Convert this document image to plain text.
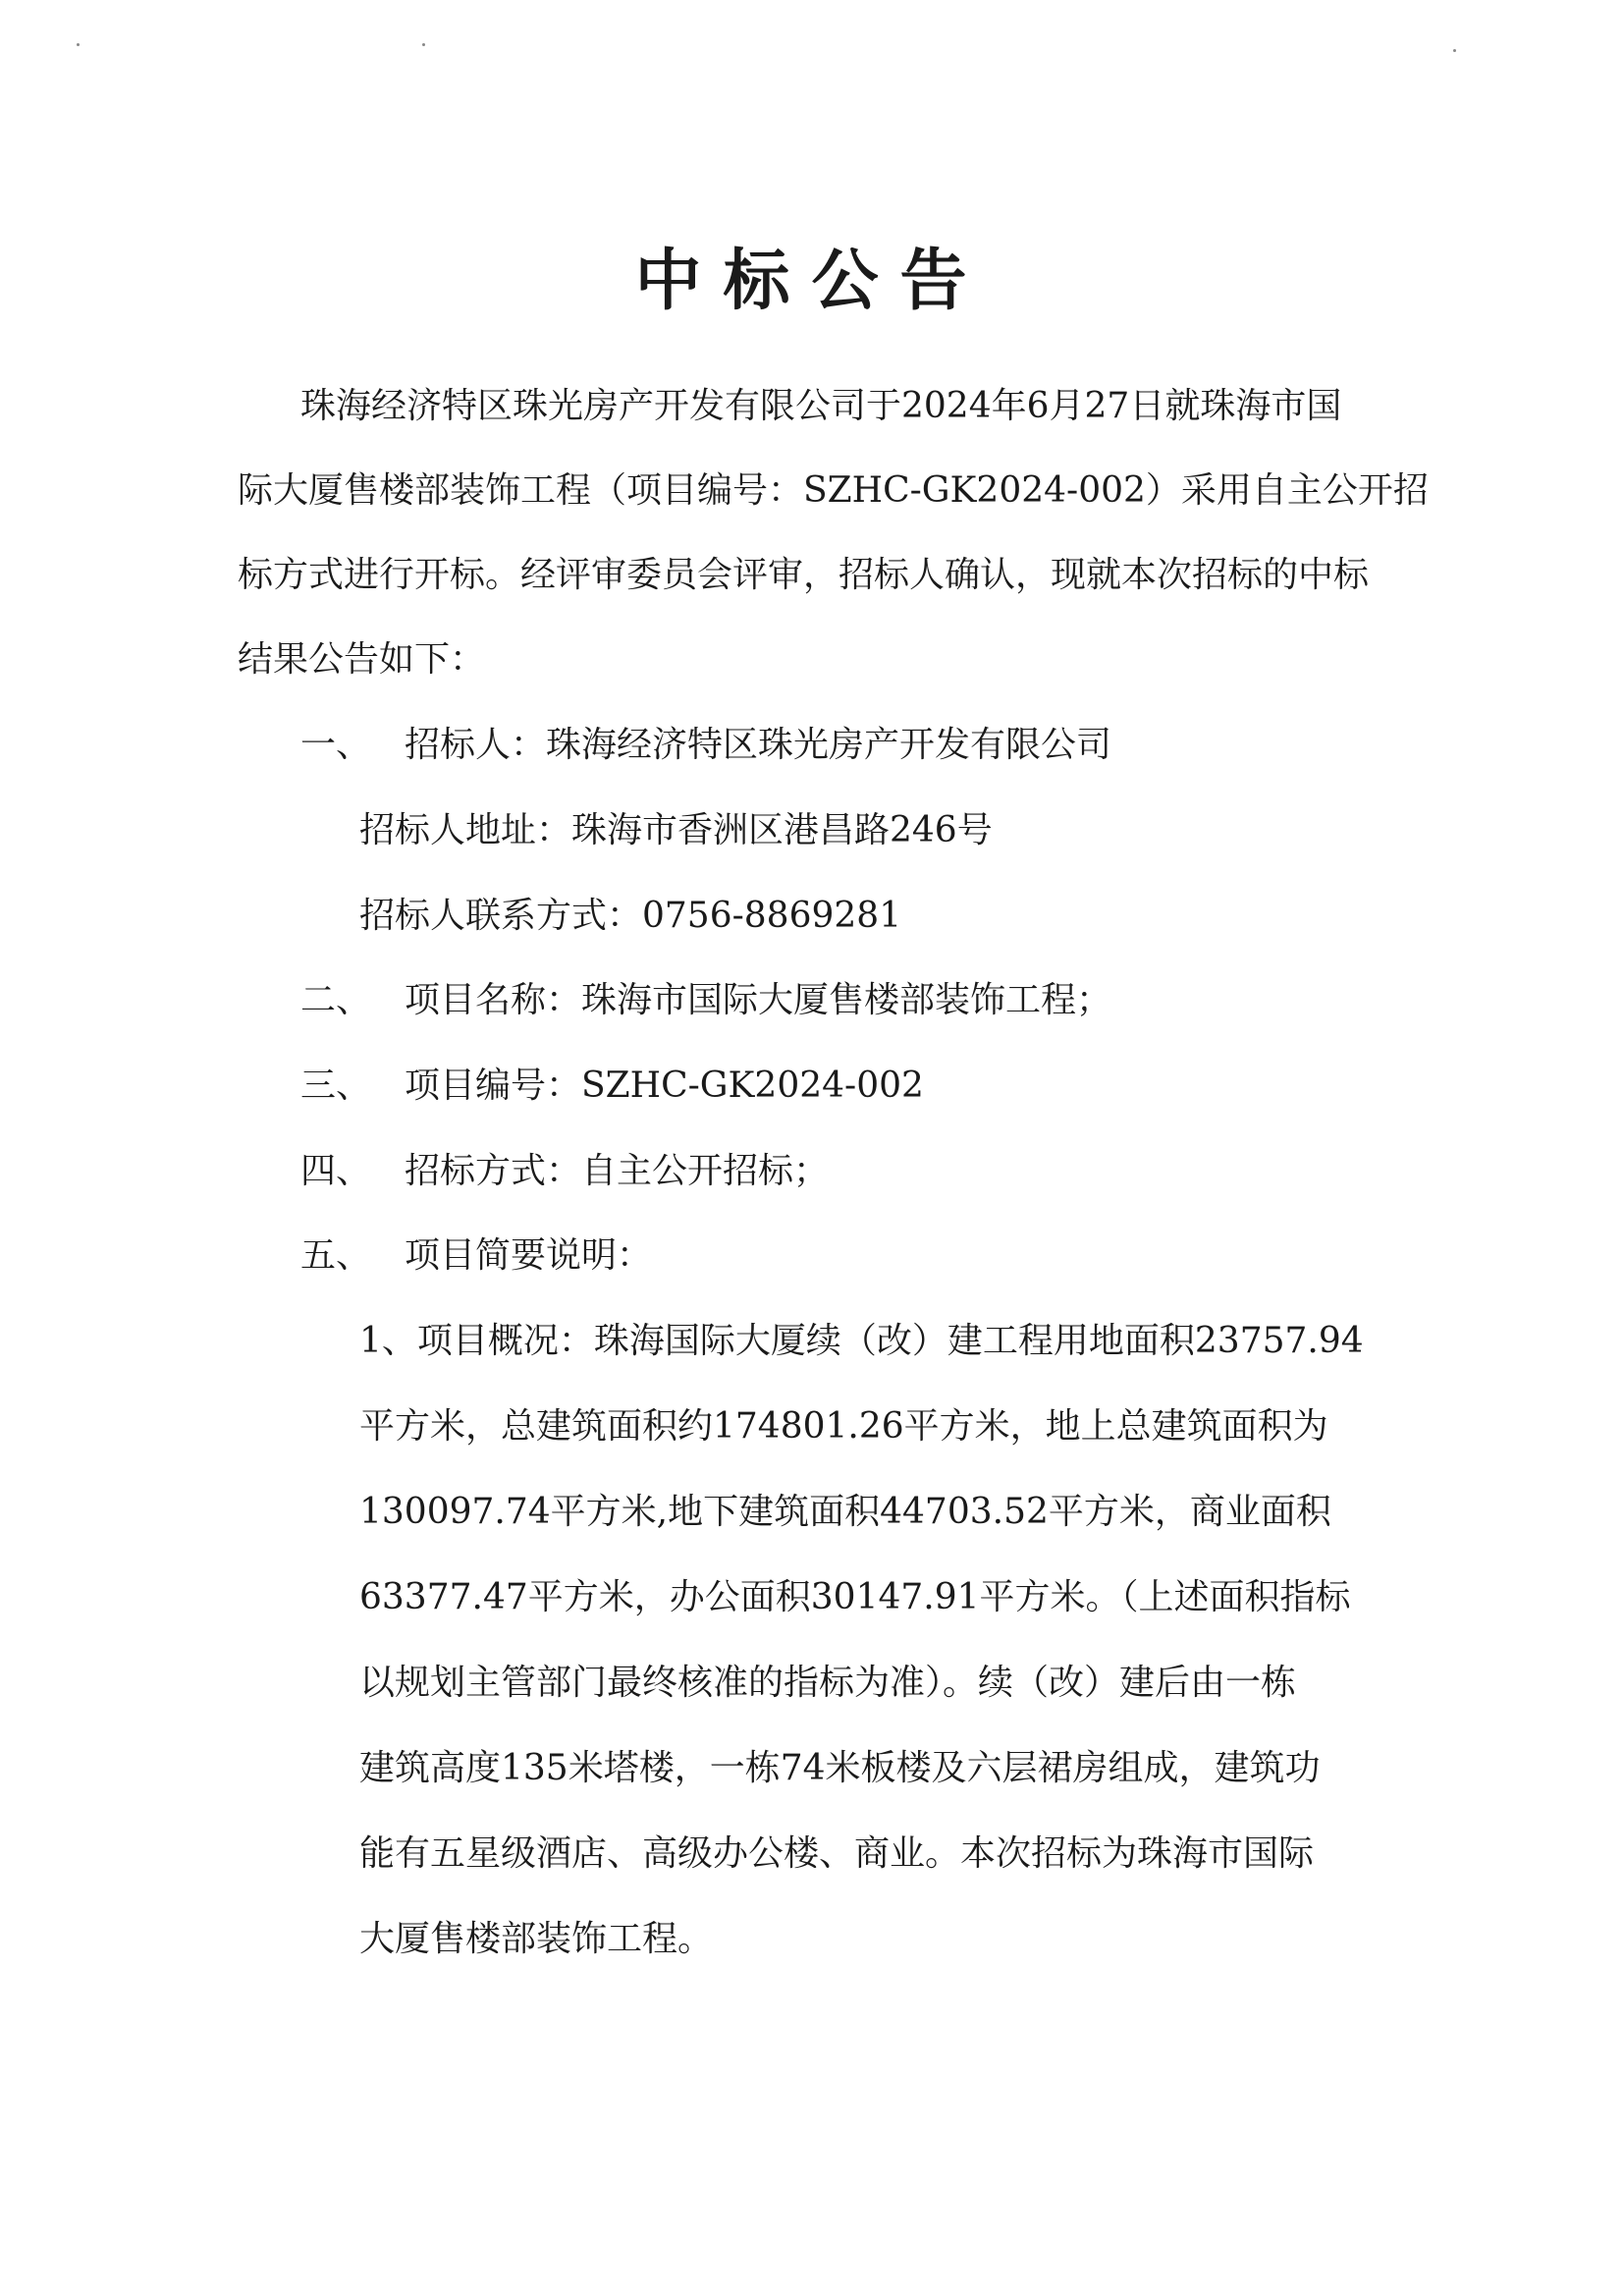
中标公告
珠海经济特区珠光房产开发有限公司于2024年6月27日就珠海市国
际大厦售楼部装饰工程（项目编号：SZHC-GK2024-002）采用自主公开招
标方式进行开标。经评审委员会评审，招标人确认，现就本次招标的中标
结果公告如下：
一、 招标人：珠海经济特区珠光房产开发有限公司
招标人地址：珠海市香洲区港昌路246号
招标人联系方式：0756-8869281
二、 项目名称：珠海市国际大厦售楼部装饰工程；
三、 项目编号：SZHC-GK2024-002
四、 招标方式：自主公开招标；
五、 项目简要说明：
1、项目概况：珠海国际大厦续（改）建工程用地面积23757.94
平方米，总建筑面积约174801.26平方米，地上总建筑面积为
130097.74平方米,地下建筑面积44703.52平方米，商业面积
63377.47平方米，办公面积30147.91平方米。（上述面积指标
以规划主管部门最终核准的指标为准）。续（改）建后由一栋
建筑高度135米塔楼，一栋74米板楼及六层裙房组成，建筑功
能有五星级酒店、高级办公楼、商业。本次招标为珠海市国际
大厦售楼部装饰工程。
